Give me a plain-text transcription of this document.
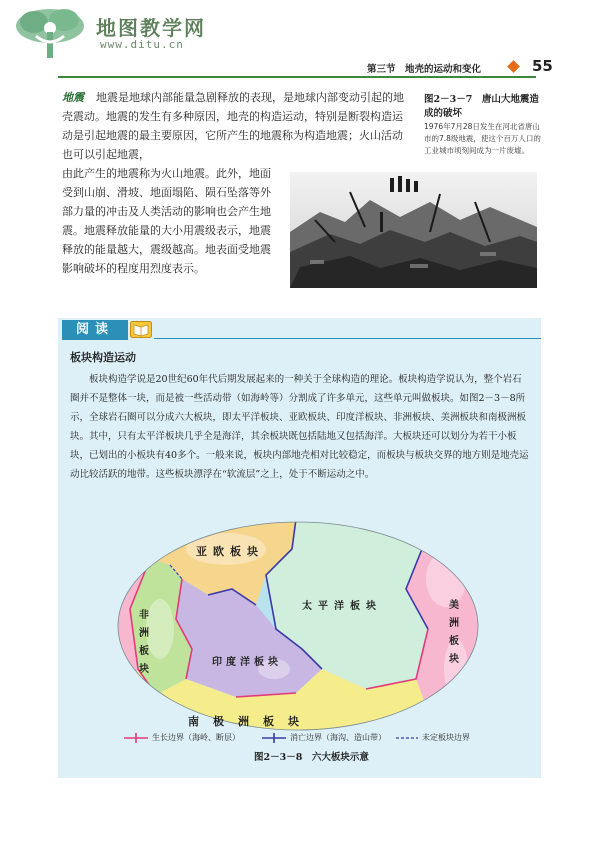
地图教学网
www.ditu.cn
第三节　地壳的运动和变化	55
地震 地震是地球内部能量急剧释放的表现，是地球内部变动引起的地壳震动。地震的发生有多种原因，地壳的构造运动，特别是断裂构造运动是引起地震的最主要原因，它所产生的地震称为构造地震；火山活动也可以引起地震，
由此产生的地震称为火山地震。此外，地面受到山崩、滑坡、地面塌陷、陨石坠落等外部力量的冲击及人类活动的影响也会产生地震。地震释放能量的大小用震级表示，地震释放的能量越大，震级越高。地表面受地震影响破坏的程度用烈度表示。
图2－3－7　唐山大地震造成的破坏
1976年7月28日发生在河北省唐山市的7.8级地震，使这个百万人口的工业城市顷刻间成为一片废墟。
阅读
板块构造运动
板块构造学说是20世纪60年代后期发展起来的一种关于全球构造的理论。板块构造学说认为，整个岩石圈并不是整体一块，而是被一些活动带（如海岭等）分割成了许多单元，这些单元叫做板块。如图2－3－8所示，全球岩石圈可以分成六大板块，即太平洋板块、亚欧板块、印度洋板块、非洲板块、美洲板块和南极洲板块。其中，只有太平洋板块几乎全是海洋，其余板块既包括陆地又包括海洋。大板块还可以划分为若干小板块，已划出的小板块有40多个。一般来说，板块内部地壳相对比较稳定，而板块与板块交界的地方则是地壳运动比较活跃的地带。这些板块漂浮在“软流层”之上，处于不断运动之中。
亚欧板块
太平洋板块
印度洋板块
南极洲板块
非洲板块	美洲板块
生长边界（海岭、断层）	消亡边界（海沟、造山带）	未定板块边界
图2－3－8　六大板块示意
